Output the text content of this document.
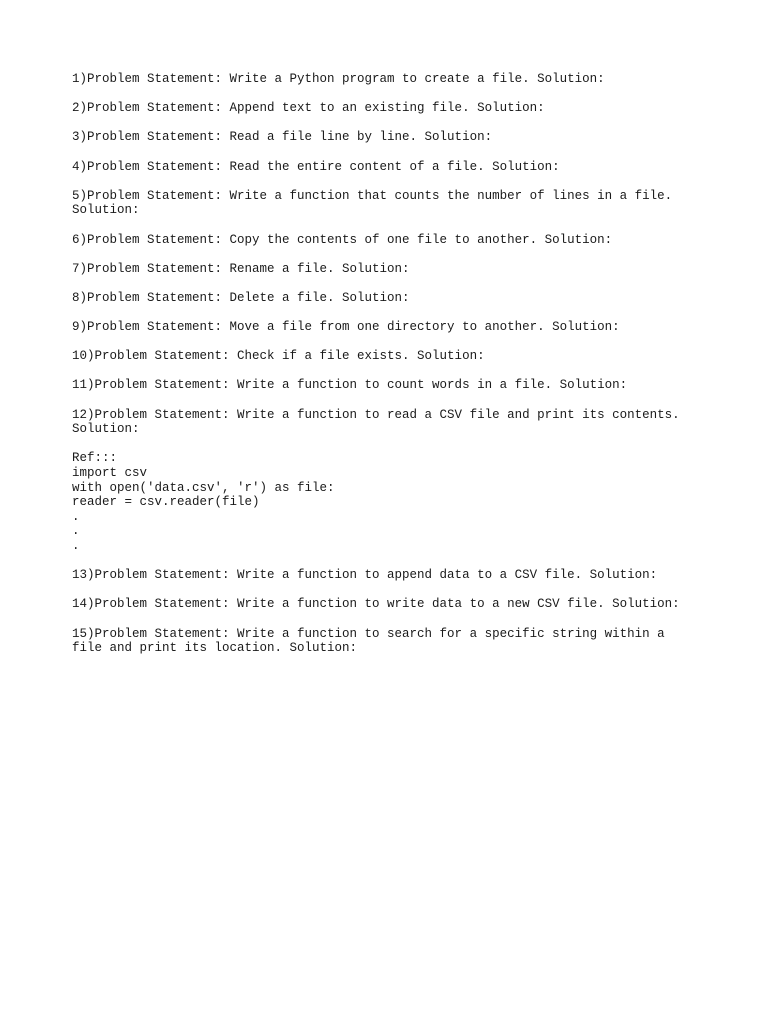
1)Problem Statement: Write a Python program to create a file. Solution:

2)Problem Statement: Append text to an existing file. Solution:

3)Problem Statement: Read a file line by line. Solution:

4)Problem Statement: Read the entire content of a file. Solution:

5)Problem Statement: Write a function that counts the number of lines in a file. Solution:

6)Problem Statement: Copy the contents of one file to another. Solution:

7)Problem Statement: Rename a file. Solution:

8)Problem Statement: Delete a file. Solution:

9)Problem Statement: Move a file from one directory to another. Solution:

10)Problem Statement: Check if a file exists. Solution:

11)Problem Statement: Write a function to count words in a file. Solution:

12)Problem Statement: Write a function to read a CSV file and print its contents. Solution:

Ref:::
import csv
with open('data.csv', 'r') as file:
reader = csv.reader(file)
.
.
.

13)Problem Statement: Write a function to append data to a CSV file. Solution:

14)Problem Statement: Write a function to write data to a new CSV file. Solution:

15)Problem Statement: Write a function to search for a specific string within a file and print its location. Solution:
